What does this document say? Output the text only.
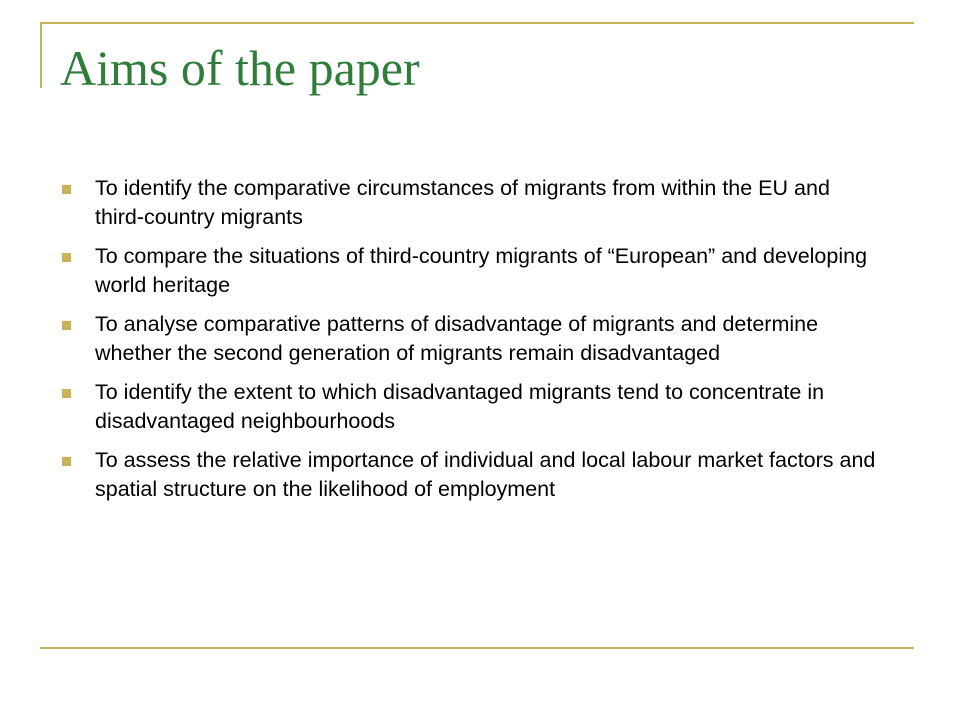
Aims of the paper
To identify the comparative circumstances of migrants from within the EU and third-country migrants
To compare the situations of third-country migrants of “European” and developing world heritage
To analyse comparative patterns of disadvantage of migrants and determine whether the second generation of migrants remain disadvantaged
To identify the extent to which disadvantaged migrants tend to concentrate in disadvantaged neighbourhoods
To assess the relative importance of individual and local labour market factors and spatial structure on the likelihood of employment
